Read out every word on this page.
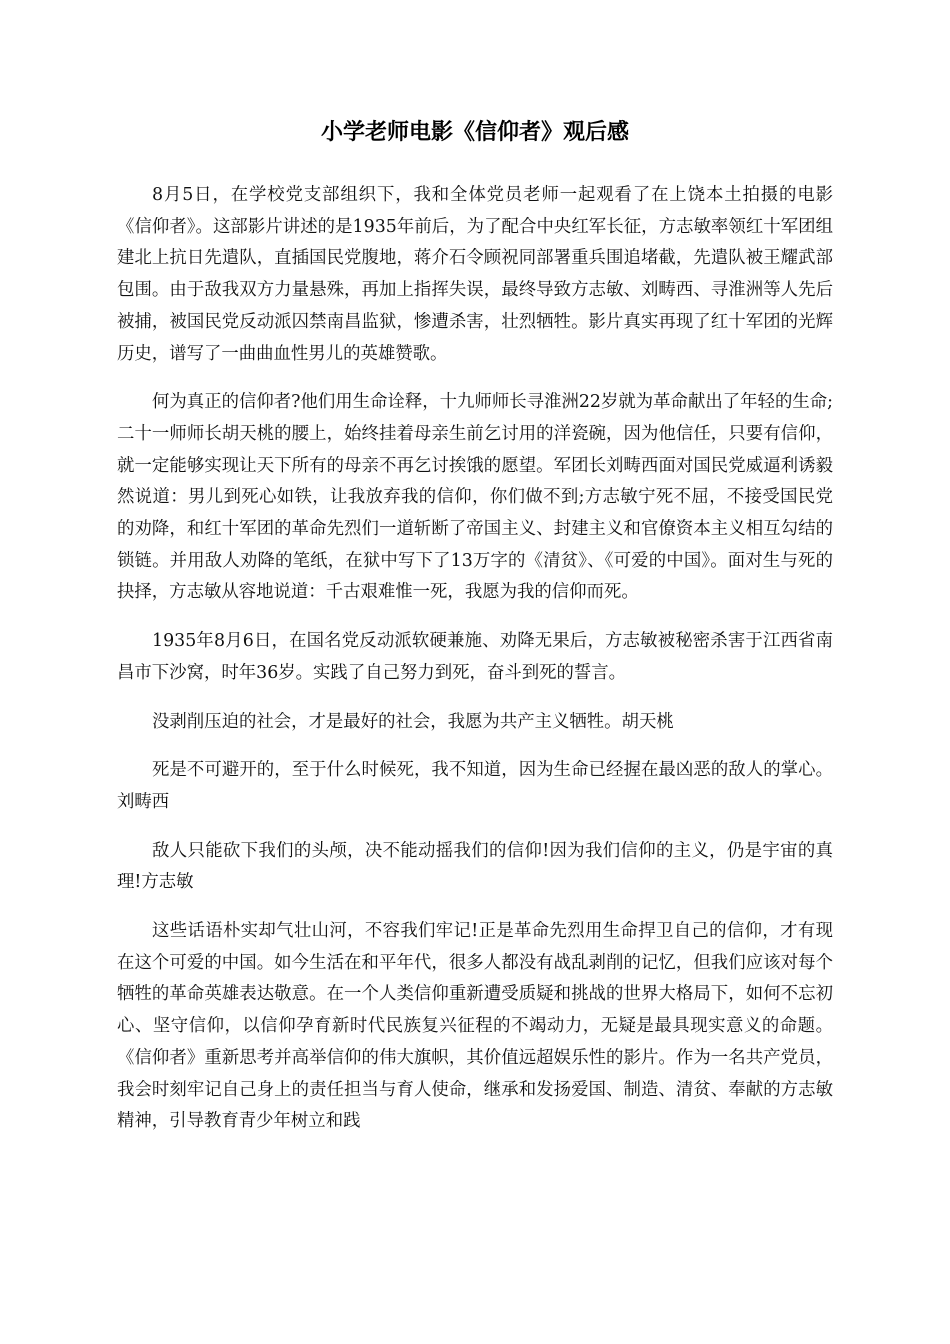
小学老师电影《信仰者》观后感

8月5日，在学校党支部组织下，我和全体党员老师一起观看了在上饶本土拍摄的电影《信仰者》。这部影片讲述的是1935年前后，为了配合中央红军长征，方志敏率领红十军团组建北上抗日先遣队，直插国民党腹地，蒋介石令顾祝同部署重兵围追堵截，先遣队被王耀武部包围。由于敌我双方力量悬殊，再加上指挥失误，最终导致方志敏、刘畴西、寻淮洲等人先后被捕，被国民党反动派囚禁南昌监狱，惨遭杀害，壮烈牺牲。影片真实再现了红十军团的光辉历史，谱写了一曲曲血性男儿的英雄赞歌。

何为真正的信仰者?他们用生命诠释，十九师师长寻淮洲22岁就为革命献出了年轻的生命;二十一师师长胡天桃的腰上，始终挂着母亲生前乞讨用的洋瓷碗，因为他信任，只要有信仰，就一定能够实现让天下所有的母亲不再乞讨挨饿的愿望。军团长刘畴西面对国民党威逼利诱毅然说道：男儿到死心如铁，让我放弃我的信仰，你们做不到;方志敏宁死不屈，不接受国民党的劝降，和红十军团的革命先烈们一道斩断了帝国主义、封建主义和官僚资本主义相互勾结的锁链。并用敌人劝降的笔纸，在狱中写下了13万字的《清贫》、《可爱的中国》。面对生与死的抉择，方志敏从容地说道：千古艰难惟一死，我愿为我的信仰而死。

1935年8月6日，在国名党反动派软硬兼施、劝降无果后，方志敏被秘密杀害于江西省南昌市下沙窝，时年36岁。实践了自己努力到死，奋斗到死的誓言。

没剥削压迫的社会，才是最好的社会，我愿为共产主义牺牲。胡天桃

死是不可避开的，至于什么时候死，我不知道，因为生命已经握在最凶恶的敌人的掌心。刘畴西

敌人只能砍下我们的头颅，决不能动摇我们的信仰!因为我们信仰的主义，仍是宇宙的真理!方志敏

这些话语朴实却气壮山河，不容我们牢记!正是革命先烈用生命捍卫自己的信仰，才有现在这个可爱的中国。如今生活在和平年代，很多人都没有战乱剥削的记忆，但我们应该对每个牺牲的革命英雄表达敬意。在一个人类信仰重新遭受质疑和挑战的世界大格局下，如何不忘初心、坚守信仰，以信仰孕育新时代民族复兴征程的不竭动力，无疑是最具现实意义的命题。《信仰者》重新思考并高举信仰的伟大旗帜，其价值远超娱乐性的影片。作为一名共产党员，我会时刻牢记自己身上的责任担当与育人使命，继承和发扬爱国、制造、清贫、奉献的方志敏精神，引导教育青少年树立和践
